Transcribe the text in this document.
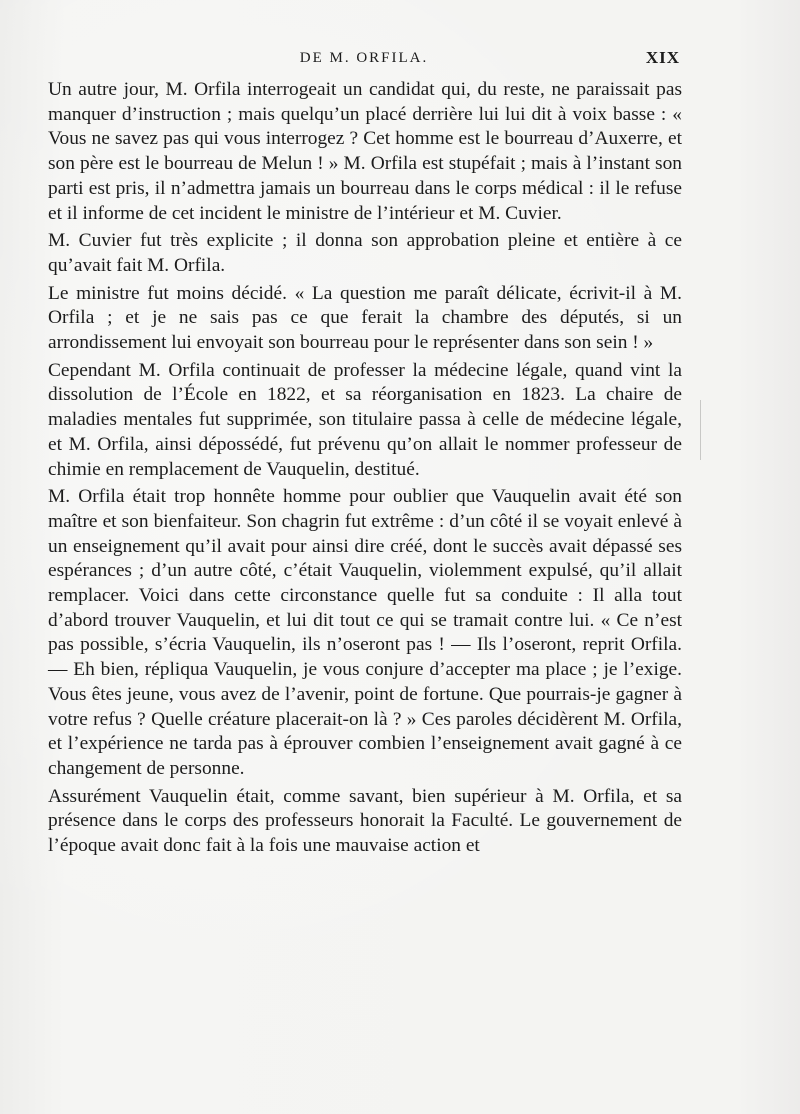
DE M. ORFILA.	XIX

Un autre jour, M. Orfila interrogeait un candidat qui, du reste, ne paraissait pas manquer d’instruction ; mais quelqu’un placé derrière lui lui dit à voix basse : « Vous ne savez pas qui vous interrogez ? Cet homme est le bourreau d’Auxerre, et son père est le bourreau de Melun ! » M. Orfila est stupéfait ; mais à l’instant son parti est pris, il n’admettra jamais un bourreau dans le corps médical : il le refuse et il informe de cet incident le ministre de l’intérieur et M. Cuvier.

M. Cuvier fut très explicite ; il donna son approbation pleine et entière à ce qu’avait fait M. Orfila.

Le ministre fut moins décidé. « La question me paraît délicate, écrivit-il à M. Orfila ; et je ne sais pas ce que ferait la chambre des députés, si un arrondissement lui envoyait son bourreau pour le représenter dans son sein ! »

Cependant M. Orfila continuait de professer la médecine légale, quand vint la dissolution de l’École en 1822, et sa réorganisation en 1823. La chaire de maladies mentales fut supprimée, son titulaire passa à celle de médecine légale, et M. Orfila, ainsi dépossédé, fut prévenu qu’on allait le nommer professeur de chimie en remplacement de Vauquelin, destitué.

M. Orfila était trop honnête homme pour oublier que Vauquelin avait été son maître et son bienfaiteur. Son chagrin fut extrême : d’un côté il se voyait enlevé à un enseignement qu’il avait pour ainsi dire créé, dont le succès avait dépassé ses espérances ; d’un autre côté, c’était Vauquelin, violemment expulsé, qu’il allait remplacer. Voici dans cette circonstance quelle fut sa conduite : Il alla tout d’abord trouver Vauquelin, et lui dit tout ce qui se tramait contre lui. « Ce n’est pas possible, s’écria Vauquelin, ils n’oseront pas ! — Ils l’oseront, reprit Orfila. — Eh bien, répliqua Vauquelin, je vous conjure d’accepter ma place ; je l’exige. Vous êtes jeune, vous avez de l’avenir, point de fortune. Que pourrais-je gagner à votre refus ? Quelle créature placerait-on là ? » Ces paroles décidèrent M. Orfila, et l’expérience ne tarda pas à éprouver combien l’enseignement avait gagné à ce changement de personne.

Assurément Vauquelin était, comme savant, bien supérieur à M. Orfila, et sa présence dans le corps des professeurs honorait la Faculté. Le gouvernement de l’époque avait donc fait à la fois une mauvaise action et
